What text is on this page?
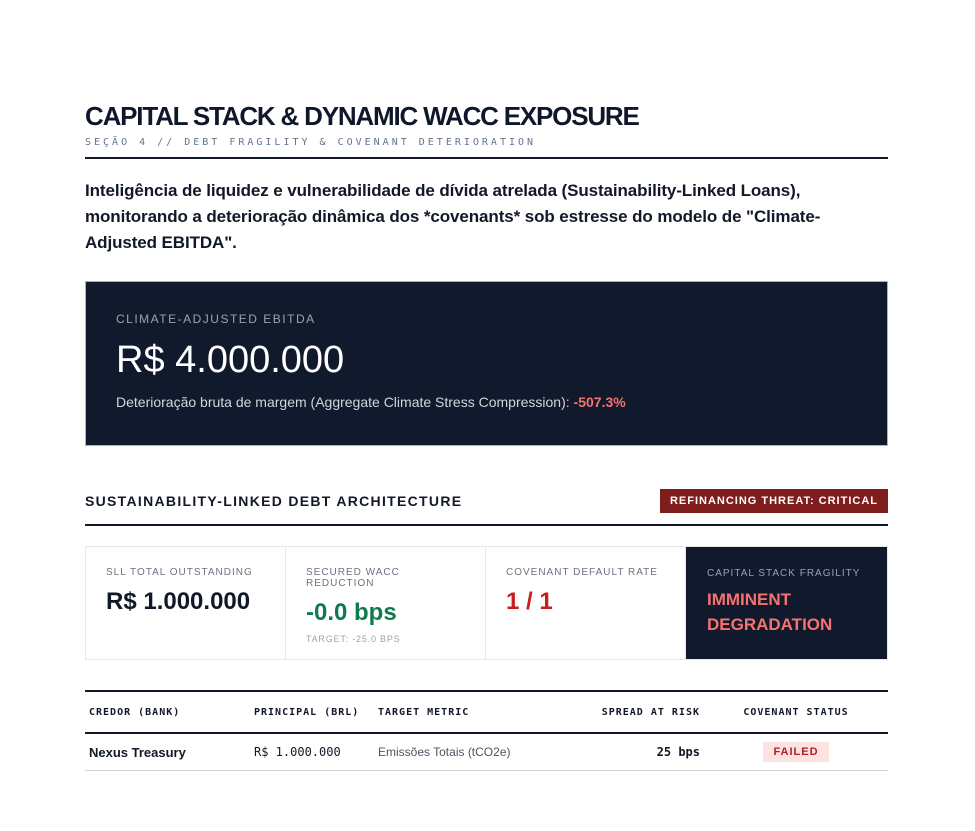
CAPITAL STACK & DYNAMIC WACC EXPOSURE
SEÇÃO 4 // DEBT FRAGILITY & COVENANT DETERIORATION
Inteligência de liquidez e vulnerabilidade de dívida atrelada (Sustainability-Linked Loans), monitorando a deterioração dinâmica dos *covenants* sob estresse do modelo de "Climate-Adjusted EBITDA".
CLIMATE-ADJUSTED EBITDA
R$ 4.000.000
Deterioração bruta de margem (Aggregate Climate Stress Compression): -507.3%
SUSTAINABILITY-LINKED DEBT ARCHITECTURE	REFINANCING THREAT: CRITICAL
SLL TOTAL OUTSTANDING
R$ 1.000.000
SECURED WACC REDUCTION
-0.0 bps
TARGET: -25.0 BPS
COVENANT DEFAULT RATE
1 / 1
CAPITAL STACK FRAGILITY
IMMINENT DEGRADATION
CREDOR (BANK)	PRINCIPAL (BRL)	TARGET METRIC	SPREAD AT RISK	COVENANT STATUS
Nexus Treasury	R$ 1.000.000	Emissões Totais (tCO2e)	25 bps	FAILED
